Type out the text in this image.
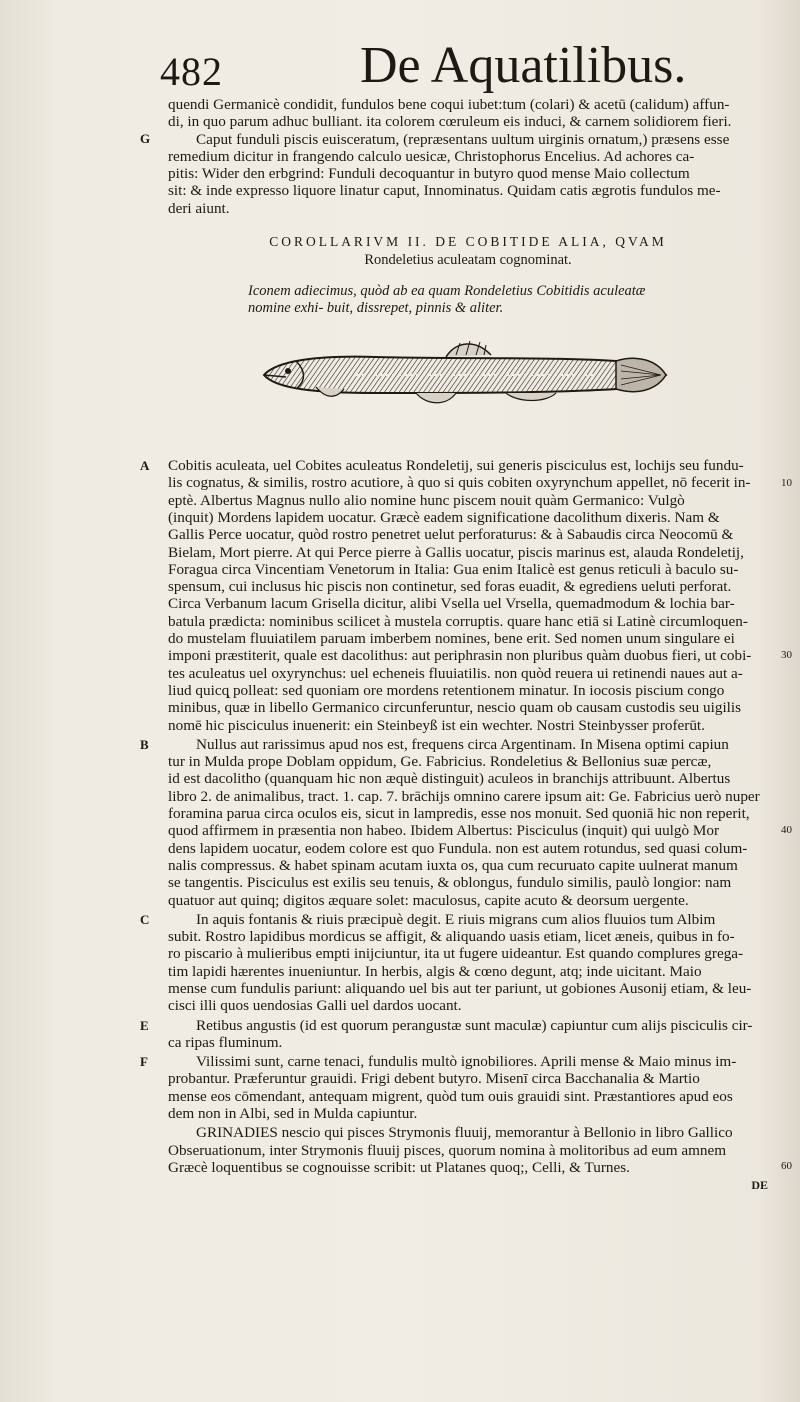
482	De Aquatilibus.
G
quendi Germanicè condidit, fundulos bene coqui iubet:tum (colari) & acetū (calidum) affun-
di, in quo parum adhuc bulliant. ita colorem cœruleum eis induci, & carnem solidiorem fieri.
Caput funduli piscis euisceratum, (repræsentans uultum uirginis ornatum,) præsens esse
remedium dicitur in frangendo calculo uesicæ, Christophorus Encelius. Ad achores ca-
pitis: Wider den erbgrind: Funduli decoquantur in butyro quod mense Maio collectum
sit: & inde expresso liquore linatur caput, Innominatus. Quidam catis ægrotis fundulos me-
deri aiunt.

COROLLARIVM II. DE COBITIDE ALIA, QVAM

Rondeletius aculeatam cognominat.

Iconem adiecimus, quòd ab ea quam Rondeletius Cobitidis aculeatæ nomine exhi- buit, dissrepet, pinnis & aliter.

A
10
30
Cobitis aculeata, uel Cobites aculeatus Rondeletij, sui generis pisciculus est, lochijs seu fundu-
lis cognatus, & similis, rostro acutiore, à quo si quis cobiten oxyrynchum appellet, nō fecerit in-
eptè. Albertus Magnus nullo alio nomine hunc piscem nouit quàm Germanico: Vulgò
(inquit) Mordens lapidem uocatur. Græcè eadem significatione dacolithum dixeris. Nam &
Gallis Perce uocatur, quòd rostro penetret uelut perforaturus: & à Sabaudis circa Neocomū &
Bielam, Mort pierre. At qui Perce pierre à Gallis uocatur, piscis marinus est, alauda Rondeletij,
Foragua circa Vincentiam Venetorum in Italia: Gua enim Italicè est genus reticuli à baculo su-
spensum, cui inclusus hic piscis non continetur, sed foras euadit, & egrediens ueluti perforat.
Circa Verbanum lacum Grisella dicitur, alibi Vsella uel Vrsella, quemadmodum & lochia bar-
batula prædicta: nominibus scilicet à mustela corruptis. quare hanc etiā si Latinè circumloquen-
do mustelam fluuiatilem paruam imberbem nomines, bene erit. Sed nomen unum singulare ei
imponi præstiterit, quale est dacolithus: aut periphrasin non pluribus quàm duobus fieri, ut cobi-
tes aculeatus uel oxyrynchus: uel echeneis fluuiatilis. non quòd reuera ui retinendi naues aut a-
liud quicq̨ polleat: sed quoniam ore mordens retentionem minatur. In iocosis piscium congo
minibus, quæ in libello Germanico circunferuntur, nescio quam ob causam custodis seu uigilis
nomē hic pisciculus inuenerit: ein Steinbeyß ist ein wechter. Nostri Steinbysser proferūt.
B
40
Nullus aut rarissimus apud nos est, frequens circa Argentinam. In Misena optimi capiun
tur in Mulda prope Doblam oppidum, Ge. Fabricius. Rondeletius & Bellonius suæ percæ,
id est dacolitho (quanquam hic non æquè distinguit) aculeos in branchijs attribuunt. Albertus
libro 2. de animalibus, tract. 1. cap. 7. brāchijs omnino carere ipsum ait: Ge. Fabricius uerò nuper
foramina parua circa oculos eis, sicut in lampredis, esse nos monuit. Sed quoniā hic non reperit,
quod affirmem in præsentia non habeo. Ibidem Albertus: Pisciculus (inquit) qui uulgò Mor
dens lapidem uocatur, eodem colore est quo Fundula. non est autem rotundus, sed quasi colum-
nalis compressus. & habet spinam acutam iuxta os, qua cum recuruato capite uulnerat manum
se tangentis. Pisciculus est exilis seu tenuis, & oblongus, fundulo similis, paulò longior: nam
quatuor aut quinq; digitos æquare solet: maculosus, capite acuto & deorsum uergente.
C	In aquis fontanis & riuis præcipuè degit. E riuis migrans cum alios fluuios tum Albim
subit. Rostro lapidibus mordicus se affigit, & aliquando uasis etiam, licet æneis, quibus in fo-
ro piscario à mulieribus empti inijciuntur, ita ut fugere uideantur. Est quando complures grega-
tim lapidi hærentes inueniuntur. In herbis, algis & cœno degunt, atq; inde uicitant. Maio
mense cum fundulis pariunt: aliquando uel bis aut ter pariunt, ut gobiones Ausonij etiam, & leu-
cisci illi quos uendosias Galli uel dardos uocant.
E	Retibus angustis (id est quorum perangustæ sunt maculæ) capiuntur cum alijs pisciculis cir-
ca ripas fluminum.
F	Vilissimi sunt, carne tenaci, fundulis multò ignobiliores. Aprili mense & Maio minus im-
probantur. Præferuntur grauidi. Frigi debent butyro. Misenī circa Bacchanalia & Martio
mense eos cōmendant, antequam migrent, quòd tum ouis grauidi sint. Præstantiores apud eos
dem non in Albi, sed in Mulda capiuntur.
60
GRINADIES nescio qui pisces Strymonis fluuij, memorantur à Bellonio in libro Gallico
Obseruationum, inter Strymonis fluuij pisces, quorum nomina à molitoribus ad eum amnem
Græcè loquentibus se cognouisse scribit: ut Platanes quoq;, Celli, & Turnes.
DE
